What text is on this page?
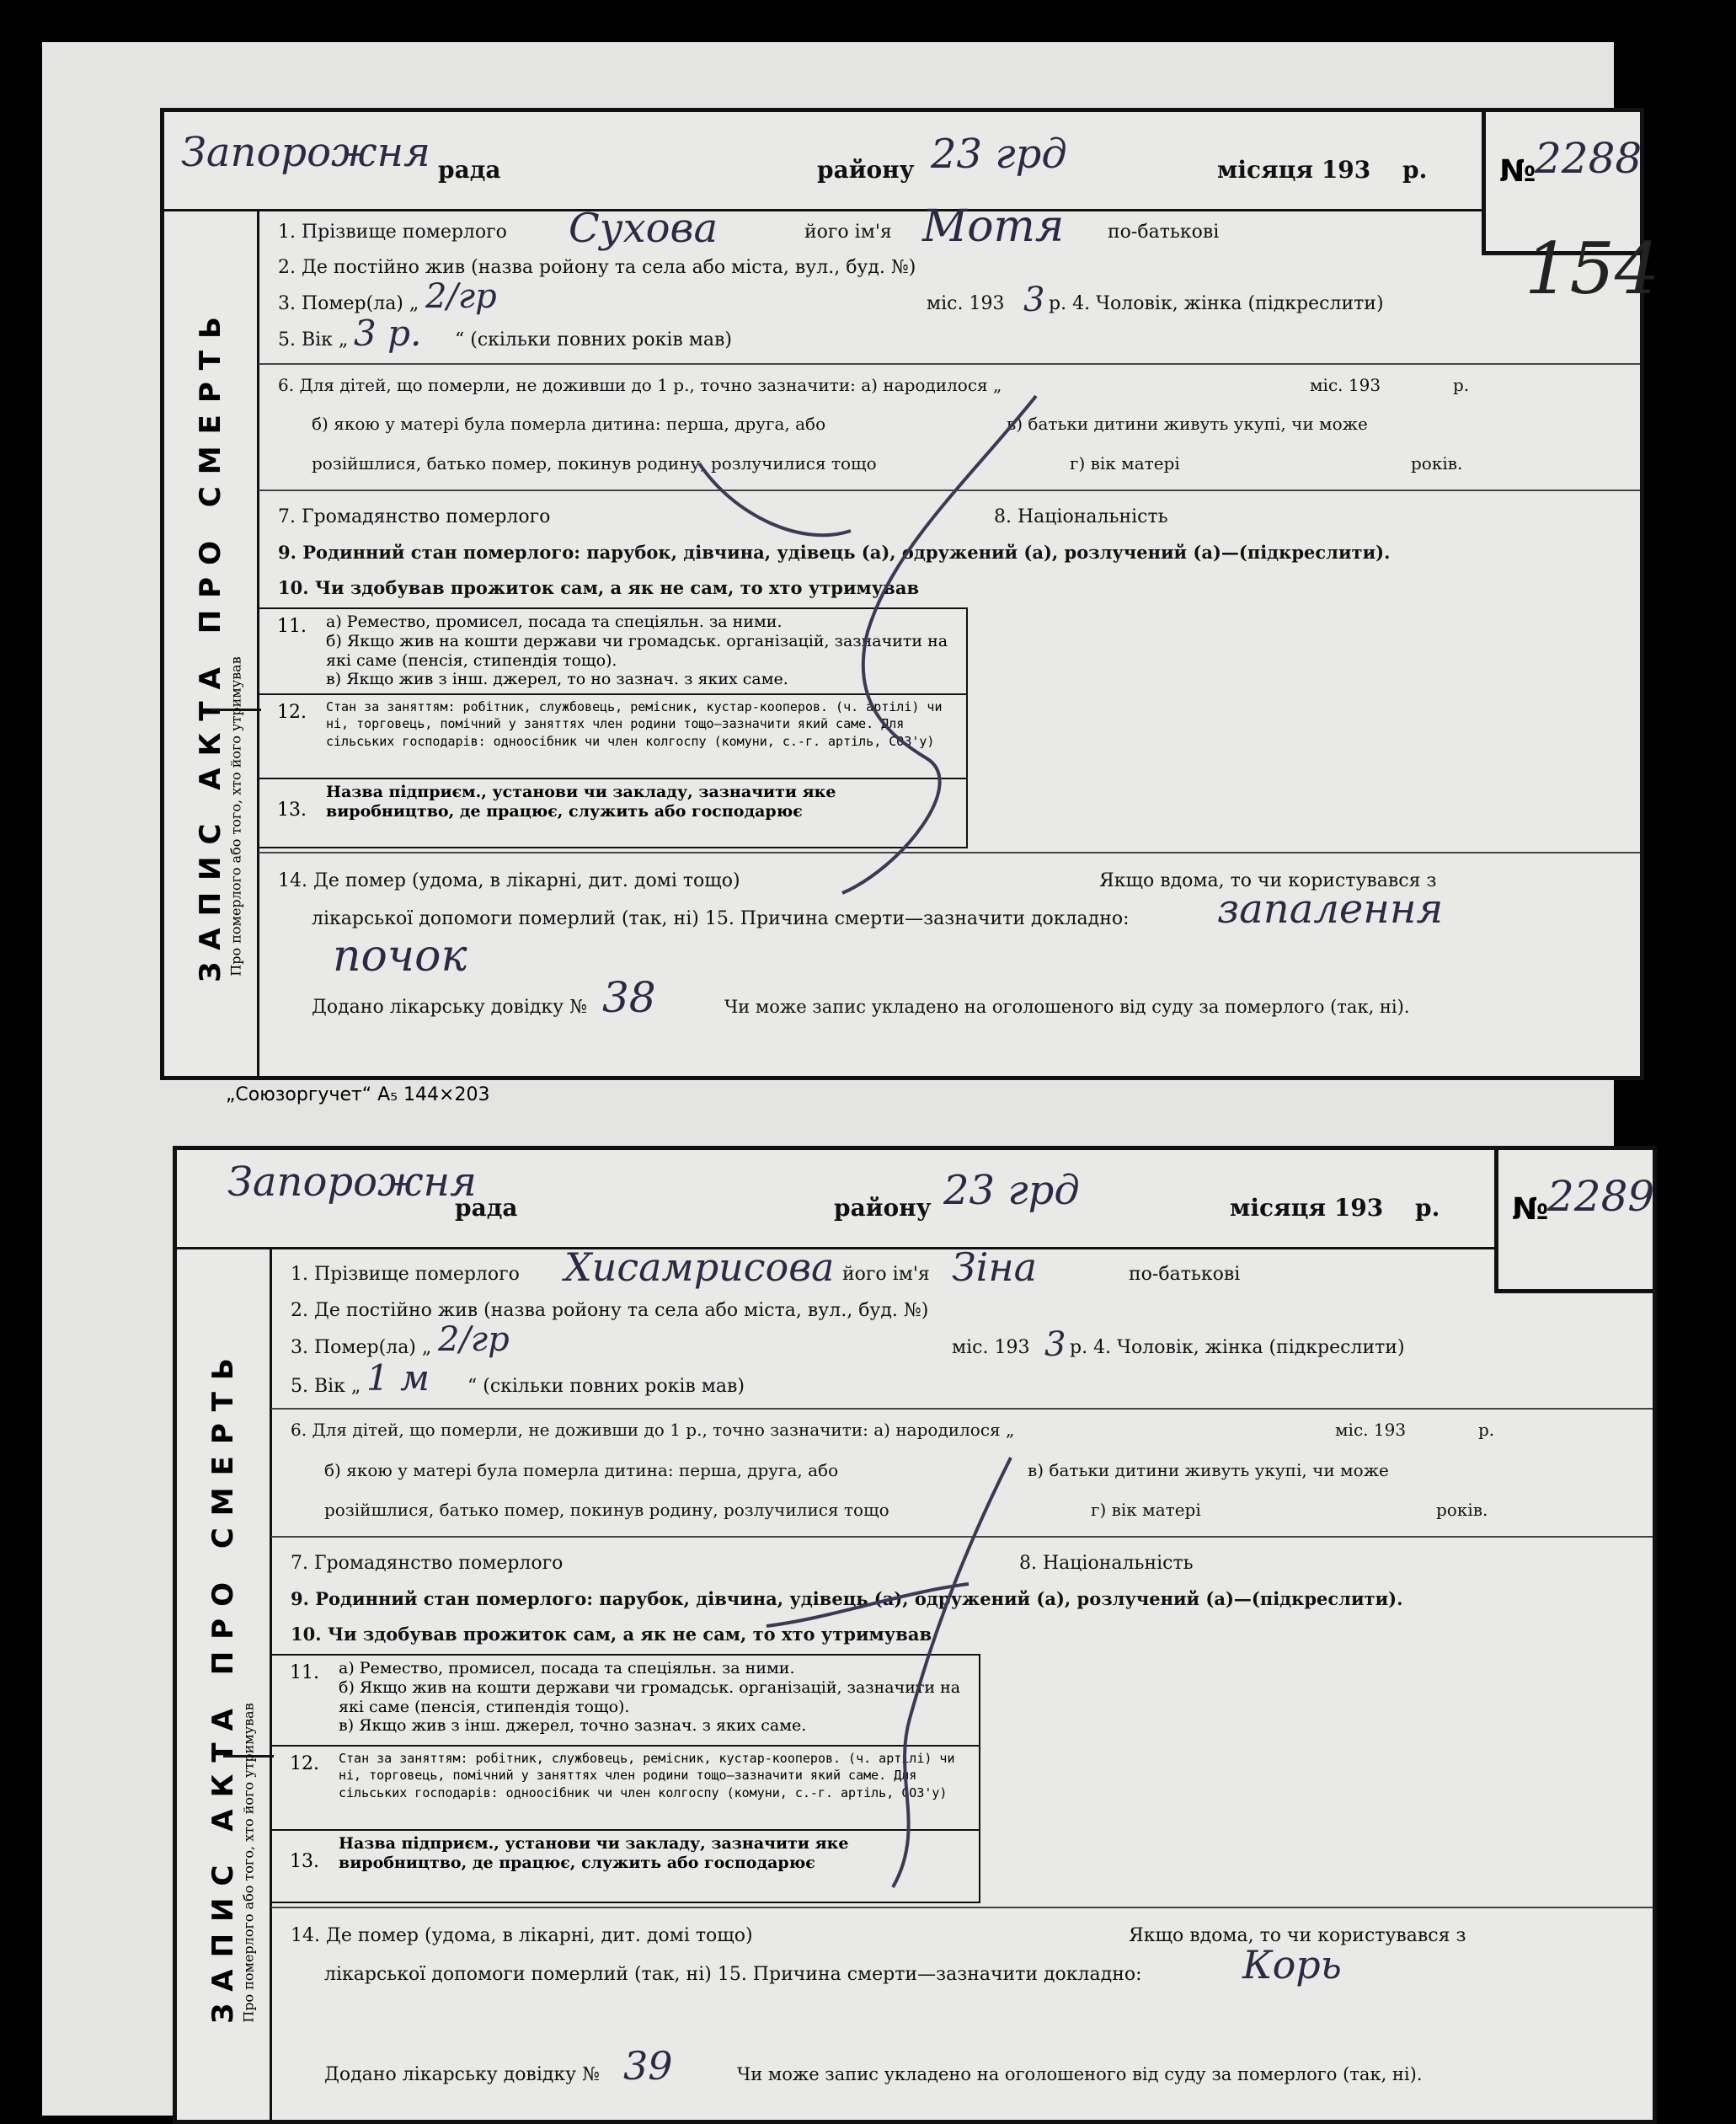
Запорожня рада	району 23 грд	місяця 193 р. №
2288
ЗАПИС АКТА ПРО СМЕРТЬ Про померлого або того, хто його утримував
1. Прізвище померлого Сухова	його ім'я Мотя по-батькові
2. Де постійно жив (назва ройону та села або міста, вул., буд. №)
3. Помер(ла) „ 2/гр	міс. 193 3 р. 4. Чоловік, жінка (підкреслити)
5. Вік „ 3 р. “ (скільки повних років мав)
6. Для дітей, що померли, не доживши до 1 р., точно зазначити: а) народилося „	міс. 193	р.
б) якою у матері була померла дитина: перша, друга, або	в) батьки дитини живуть укупі, чи може
розійшлися, батько помер, покинув родину, розлучилися тощо	г) вік матері	років.
7. Громадянство померлого	8. Національність
9. Родинний стан померлого: парубок, дівчина, удівець (а), одружений (а), розлучений (а)—(підкреслити).
10. Чи здобував прожиток сам, а як не сам, то хто утримував
11. а) Ремество, промисел, посада та спеціяльн. за ними.
б) Якщо жив на кошти держави чи громадськ. організацій, зазначити на які саме (пенсія, стипендія тощо).
в) Якщо жив з інш. джерел, то но зазнач. з яких саме.
12. Стан за заняттям: робітник, службовець, ремісник, кустар-кооперов. (ч. артілі) чи ні, торговець, помічний у заняттях член родини тощо—зазначити який саме. Для сільських господарів: одноосібник чи член колгоспу (комуни, с.-г. артіль, СОЗ'у)
13.
Назва підприєм., установи чи закладу, зазначити яке виробництво, де працює, служить або господарює
14. Де помер (удома, в лікарні, дит. домі тощо)	Якщо вдома, то чи користувався з
лікарської допомоги померлий (так, ні) 15. Причина смерти—зазначити докладно: запалення
почок
Додано лікарську довідку № 38	Чи може запис укладено на оголошеного від суду за померлого (так, ні).
„Союзоргучет“ А₅ 144×203
154
Запорожня
рада	району 23 грд	місяця 193 р. №
2289
ЗАПИС АКТА ПРО СМЕРТЬ Про померлого або того, хто його утримував
1. Прізвище померлого Хисамрисова його ім'я Зіна	по-батькові
2. Де постійно жив (назва ройону та села або міста, вул., буд. №)
3. Помер(ла) „ 2/гр	міс. 193 3 р. 4. Чоловік, жінка (підкреслити)
5. Вік „ 1 м “ (скільки повних років мав)
6. Для дітей, що померли, не доживши до 1 р., точно зазначити: а) народилося „	міс. 193	р.
б) якою у матері була померла дитина: перша, друга, або	в) батьки дитини живуть укупі, чи може
розійшлися, батько помер, покинув родину, розлучилися тощо	г) вік матері	років.
7. Громадянство померлого	8. Національність
9. Родинний стан померлого: парубок, дівчина, удівець (а), одружений (а), розлучений (а)—(підкреслити).
10. Чи здобував прожиток сам, а як не сам, то хто утримував
11. а) Ремество, промисел, посада та спеціяльн. за ними.
б) Якщо жив на кошти держави чи громадськ. організацій, зазначити на які саме (пенсія, стипендія тощо).
в) Якщо жив з інш. джерел, точно зазнач. з яких саме.
12. Стан за заняттям: робітник, службовець, ремісник, кустар-кооперов. (ч. артілі) чи ні, торговець, помічний у заняттях член родини тощо—зазначити який саме. Для сільських господарів: одноосібник чи член колгоспу (комуни, с.-г. артіль, СОЗ'у)
13.
Назва підприєм., установи чи закладу, зазначити яке виробництво, де працює, служить або господарює
14. Де помер (удома, в лікарні, дит. домі тощо)	Якщо вдома, то чи користувався з
лікарської допомоги померлий (так, ні) 15. Причина смерти—зазначити докладно:	Корь
Додано лікарську довідку № 39	Чи може запис укладено на оголошеного від суду за померлого (так, ні).
